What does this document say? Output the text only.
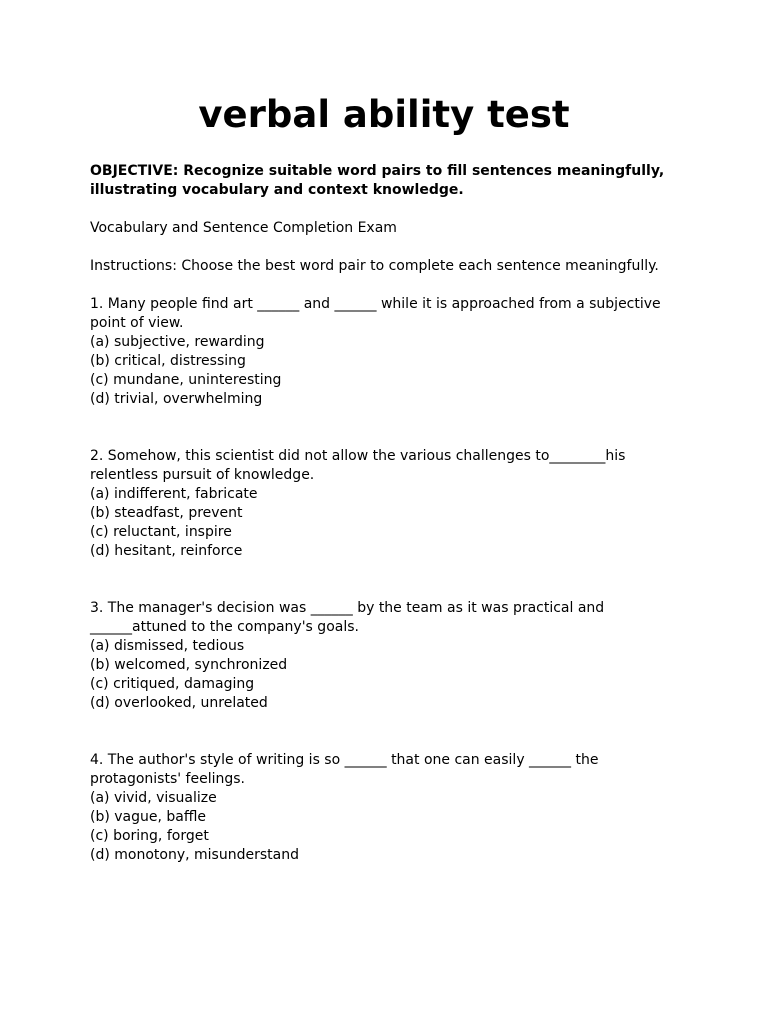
verbal ability test

OBJECTIVE: Recognize suitable word pairs to fill sentences meaningfully, illustrating vocabulary and context knowledge.

Vocabulary and Sentence Completion Exam

Instructions: Choose the best word pair to complete each sentence meaningfully.

1. Many people find art ______ and ______ while it is approached from a subjective point of view.

(a) subjective, rewarding
(b) critical, distressing
(c) mundane, uninteresting
(d) trivial, overwhelming

2. Somehow, this scientist did not allow the various challenges to________his relentless pursuit of knowledge.

(a) indifferent, fabricate
(b) steadfast, prevent
(c) reluctant, inspire
(d) hesitant, reinforce

3. The manager's decision was ______ by the team as it was practical and ______attuned to the company's goals.

(a) dismissed, tedious
(b) welcomed, synchronized
(c) critiqued, damaging
(d) overlooked, unrelated

4. The author's style of writing is so ______ that one can easily ______ the protagonists' feelings.

(a) vivid, visualize
(b) vague, baffle
(c) boring, forget
(d) monotony, misunderstand
